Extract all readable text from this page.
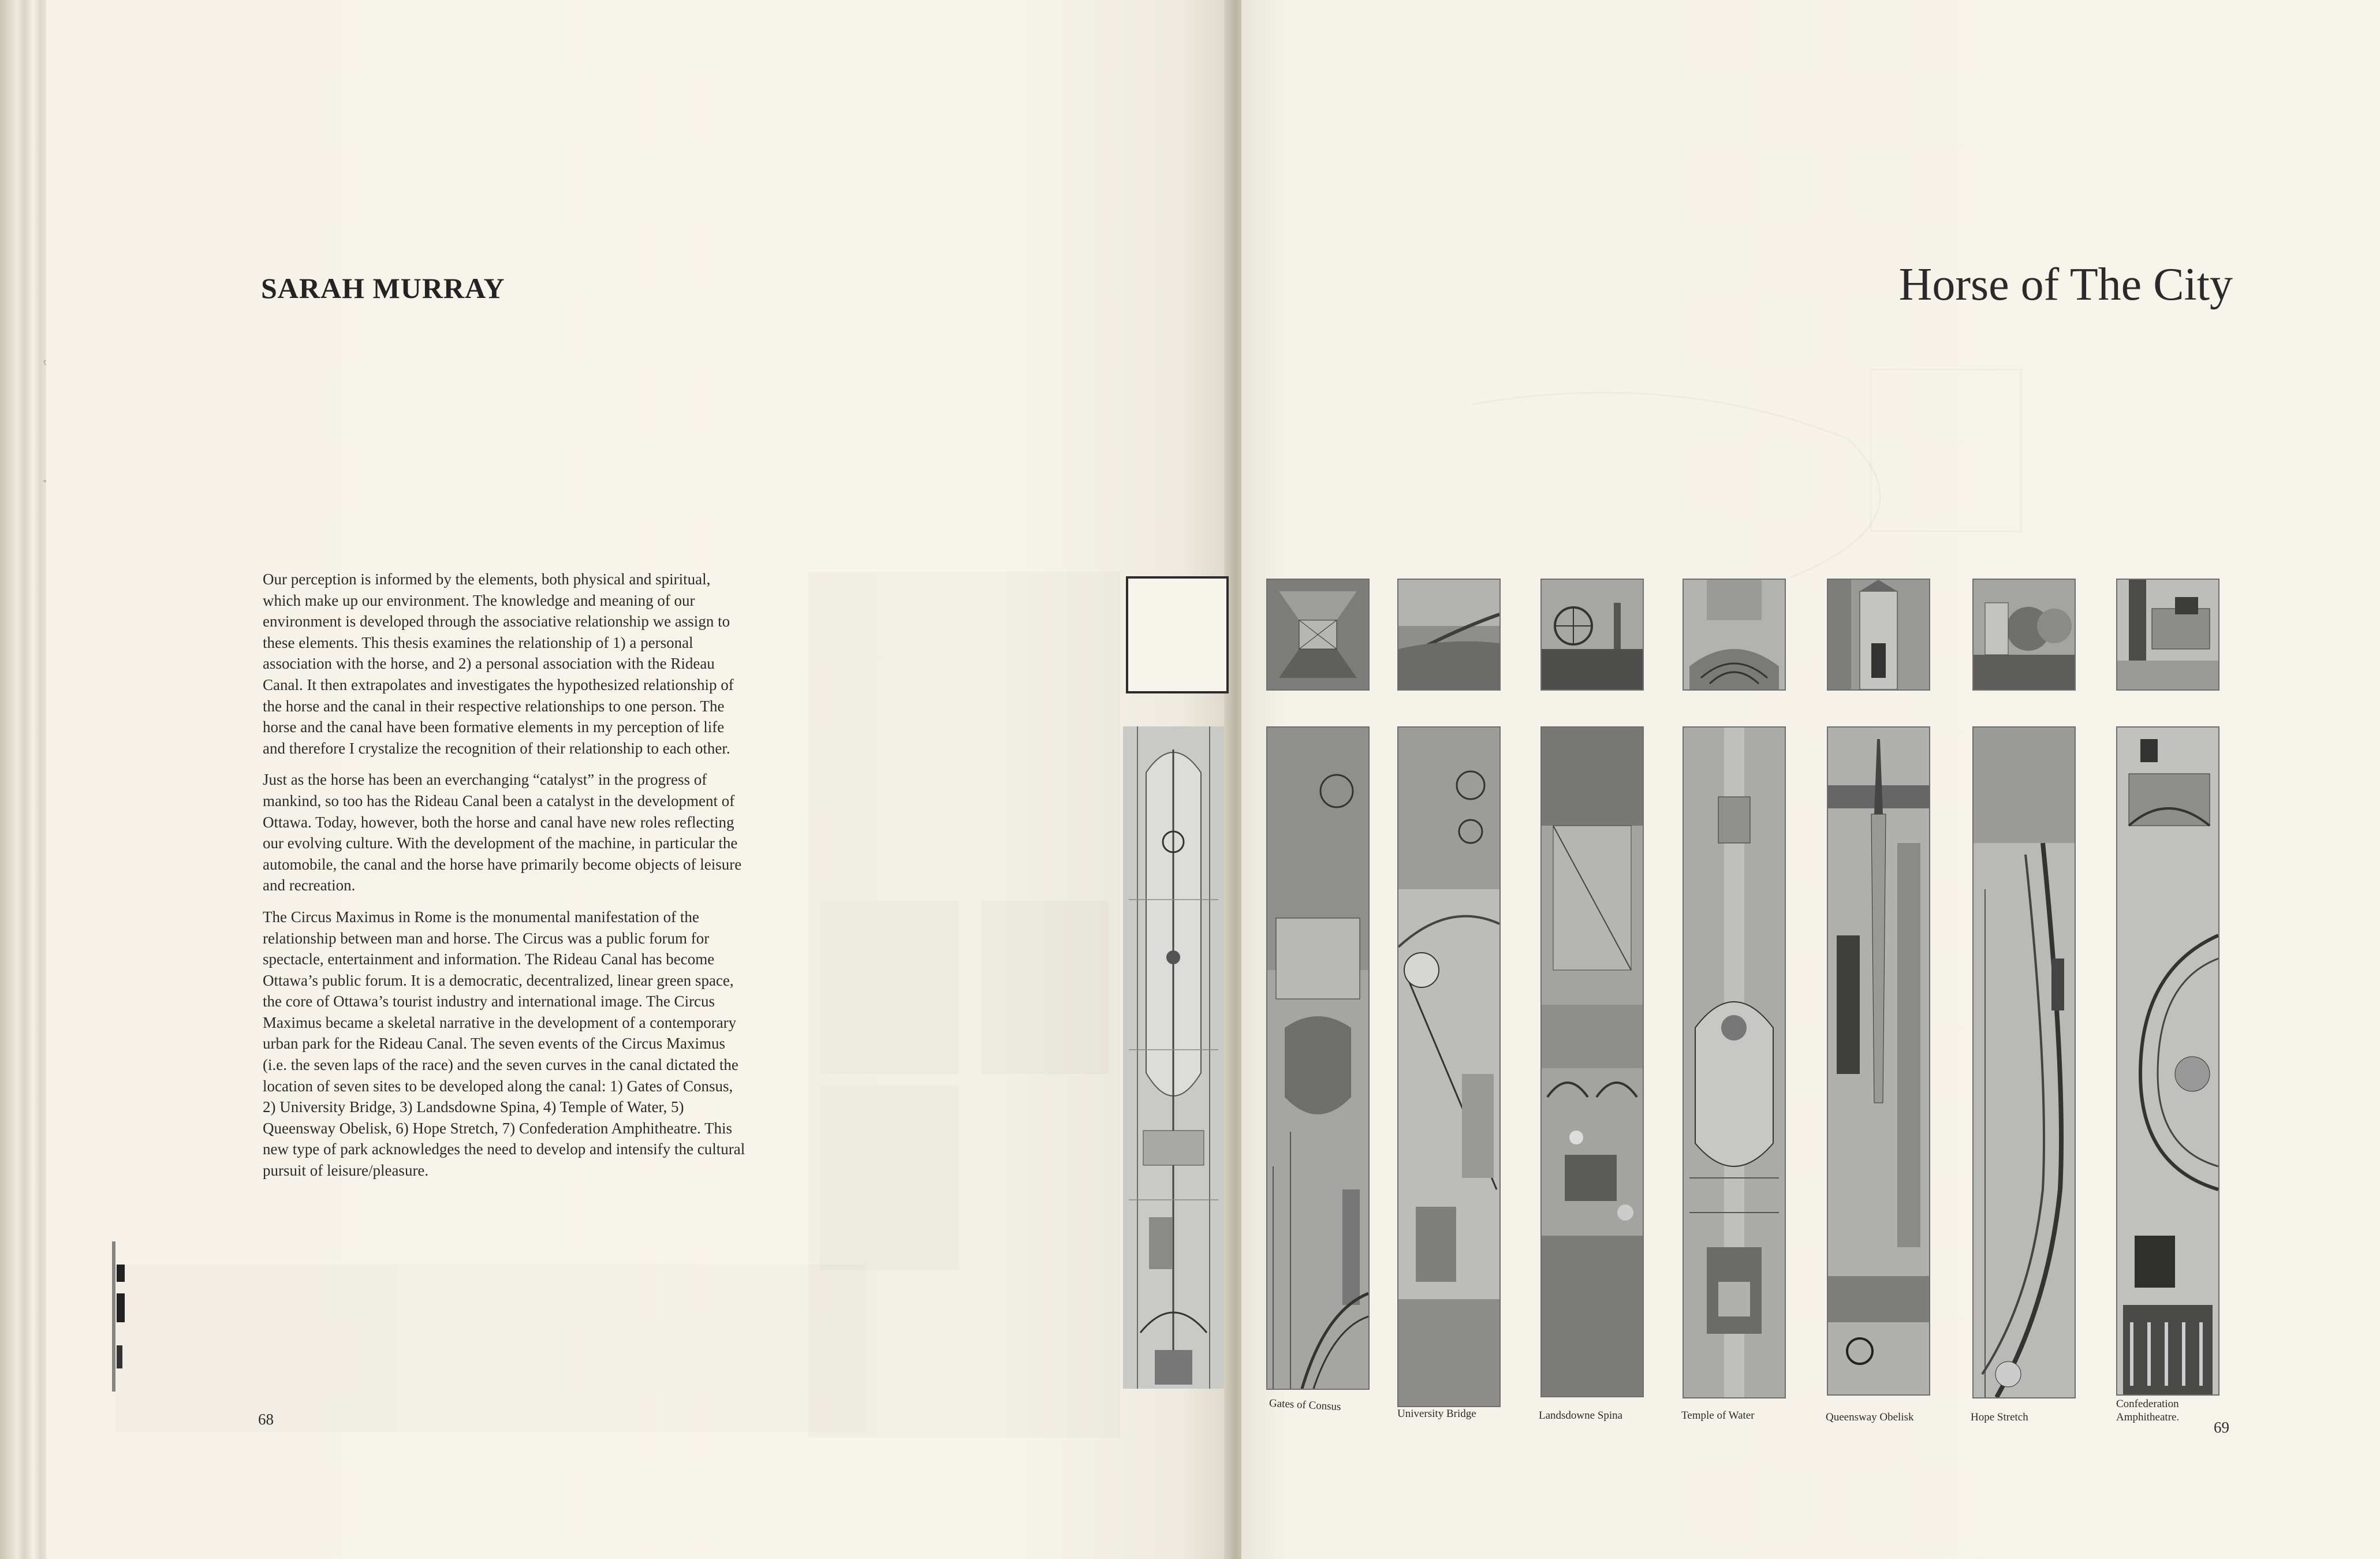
SARAH MURRAY

Our perception is informed by the elements, both physical and spiritual, which make up our environment. The knowledge and meaning of our environment is developed through the associative relationship we assign to these elements. This thesis examines the relationship of 1) a personal association with the horse, and 2) a personal association with the Rideau Canal. It then extrapolates and investigates the hypothesized relationship of the horse and the canal in their respective relationships to one person. The horse and the canal have been formative elements in my perception of life and therefore I crystalize the recognition of their relationship to each other.

Just as the horse has been an everchanging “catalyst” in the progress of mankind, so too has the Rideau Canal been a catalyst in the development of Ottawa. Today, however, both the horse and canal have new roles reflecting our evolving culture. With the development of the machine, in particular the automobile, the canal and the horse have primarily become objects of leisure and recreation.

The Circus Maximus in Rome is the monumental manifestation of the relationship between man and horse. The Circus was a public forum for spectacle, entertainment and information. The Rideau Canal has become Ottawa’s public forum. It is a democratic, decentralized, linear green space, the core of Ottawa’s tourist industry and international image. The Circus Maximus became a skeletal narrative in the development of a contemporary urban park for the Rideau Canal. The seven events of the Circus Maximus (i.e. the seven laps of the race) and the seven curves in the canal dictated the location of seven sites to be developed along the canal: 1) Gates of Consus, 2) University Bridge, 3) Landsdowne Spina, 4) Temple of Water, 5) Queensway Obelisk, 6) Hope Stretch, 7) Confederation Amphitheatre. This new type of park acknowledges the need to develop and intensify the cultural pursuit of leisure/pleasure.

68
Horse of The City
Gates of Consus
University Bridge	Landsdowne Spina	Temple of Water	Queensway Obelisk	Hope Stretch
Confederation
Amphitheatre.
69
